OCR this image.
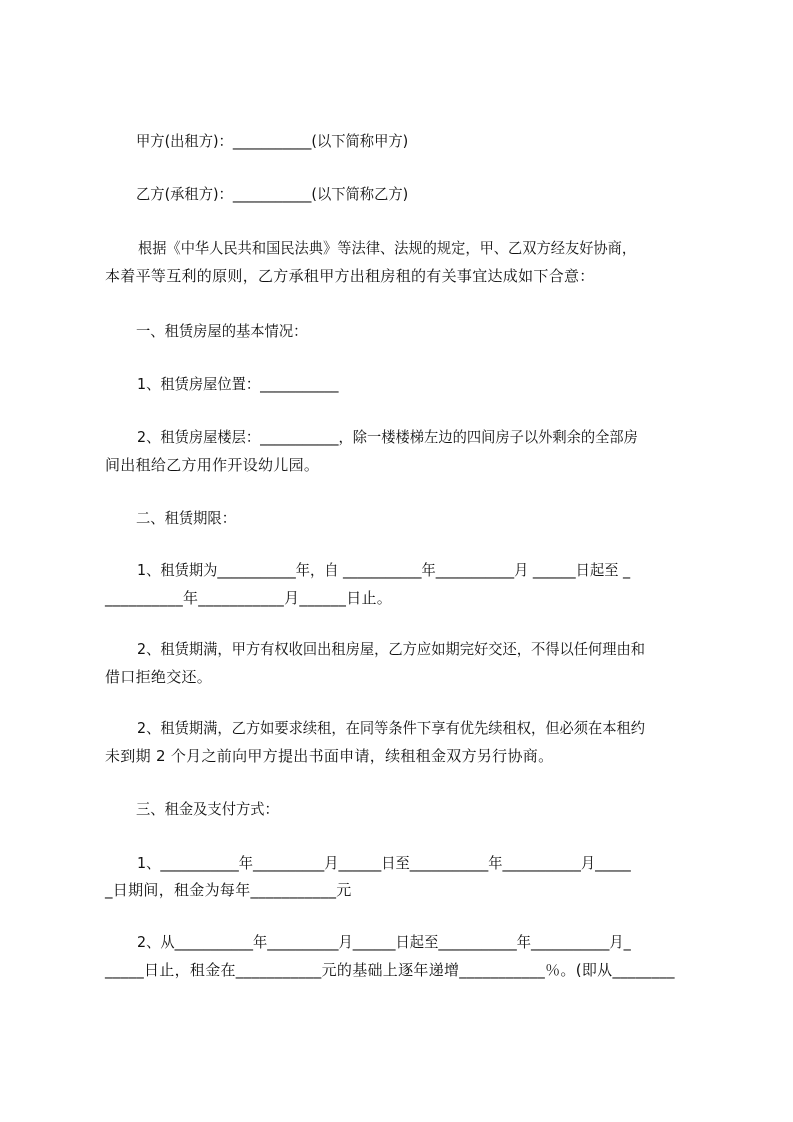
甲方(出租方)：___________(以下简称甲方)
乙方(承租方)：___________(以下简称乙方)
根据《中华人民共和国民法典》等法律、法规的规定，甲、乙双方经友好协商，
本着平等互利的原则，乙方承租甲方出租房租的有关事宜达成如下合意：
一、租赁房屋的基本情况：
1、租赁房屋位置：___________
2、租赁房屋楼层：___________，除一楼楼梯左边的四间房子以外剩余的全部房
间出租给乙方用作开设幼儿园。
二、租赁期限：
1、租赁期为___________年，自 ___________年___________月 ______日起至 _
__________年___________月______日止。
2、租赁期满，甲方有权收回出租房屋，乙方应如期完好交还，不得以任何理由和
借口拒绝交还。
2、租赁期满，乙方如要求续租，在同等条件下享有优先续租权，但必须在本租约
未到期 2 个月之前向甲方提出书面申请，续租租金双方另行协商。
三、租金及支付方式：
1、___________年__________月______日至___________年___________月_____
_日期间，租金为每年___________元
2、从___________年__________月______日起至___________年___________月_
_____日止，租金在___________元的基础上逐年递增___________％。(即从________
